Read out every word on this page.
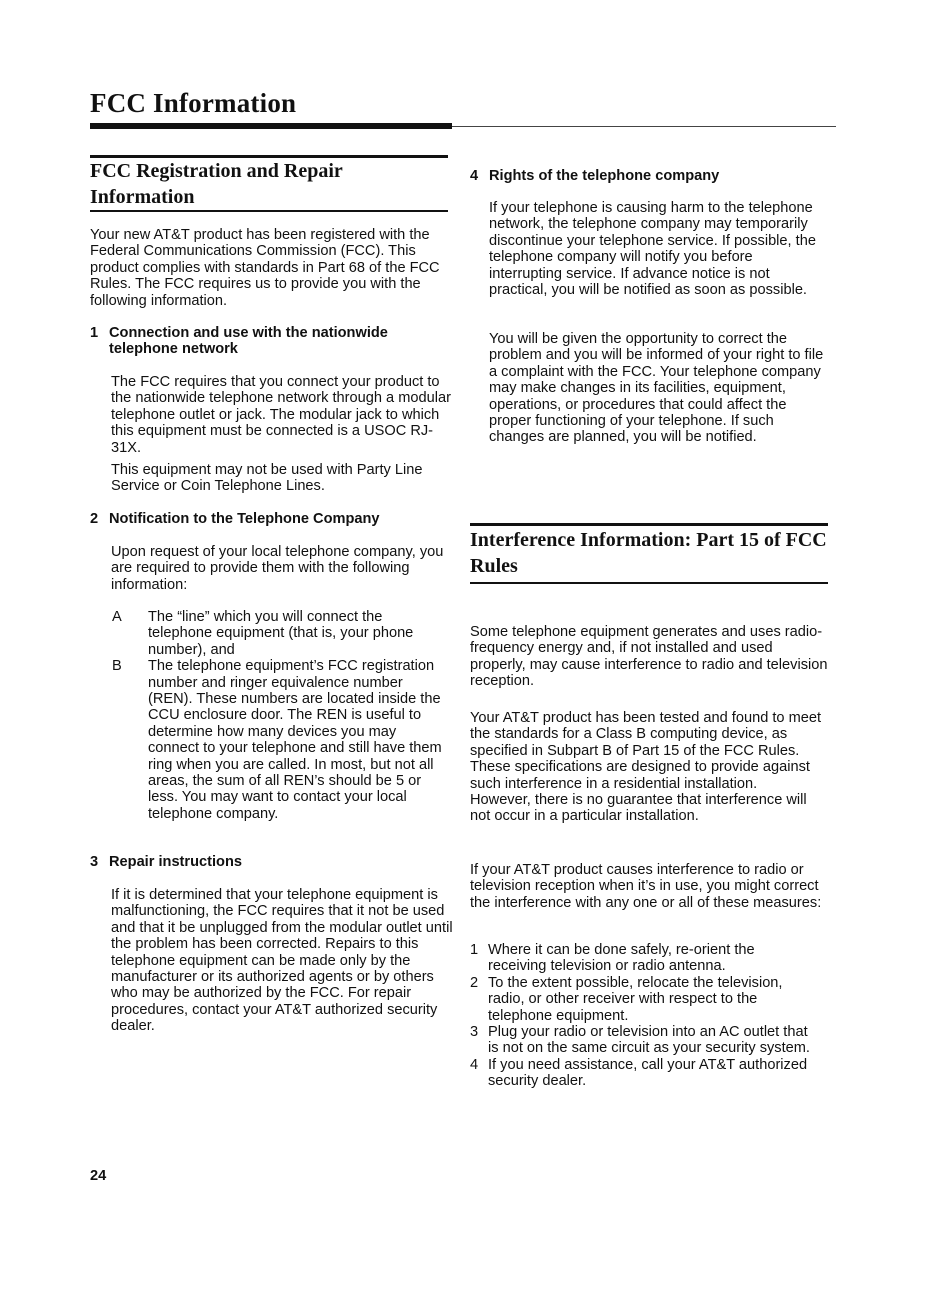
FCC Information
FCC Registration and Repair Information

Your new AT&T product has been registered with the Federal Communications Commission (FCC). This product complies with standards in Part 68 of the FCC Rules. The FCC requires us to provide you with the following information.

1 Connection and use with the nationwide telephone network

The FCC requires that you connect your product to the nationwide telephone network through a modular telephone outlet or jack. The modular jack to which this equipment must be connected is a USOC RJ-31X.

This equipment may not be used with Party Line Service or Coin Telephone Lines.

2 Notification to the Telephone Company

Upon request of your local telephone company, you are required to provide them with the following information:

A	The “line” which you will connect the telephone equipment (that is, your phone number), and
B	The telephone equipment’s FCC registration number and ringer equivalence number (REN). These numbers are located inside the CCU enclosure door. The REN is useful to determine how many devices you may connect to your telephone and still have them ring when you are called. In most, but not all areas, the sum of all REN’s should be 5 or less. You may want to contact your local telephone company.
3 Repair instructions

If it is determined that your telephone equipment is malfunctioning, the FCC requires that it not be used and that it be unplugged from the modular outlet until the problem has been corrected. Repairs to this telephone equipment can be made only by the manufacturer or its authorized agents or by others who may be authorized by the FCC. For repair procedures, contact your AT&T authorized security dealer.

4 Rights of the telephone company

If your telephone is causing harm to the telephone network, the telephone company may temporarily discontinue your telephone service. If possible, the telephone company will notify you before interrupting service. If advance notice is not practical, you will be notified as soon as possible.

You will be given the opportunity to correct the problem and you will be informed of your right to file a complaint with the FCC. Your telephone company may make changes in its facilities, equipment, operations, or procedures that could affect the proper functioning of your telephone. If such changes are planned, you will be notified.

Interference Information: Part 15 of FCC Rules

Some telephone equipment generates and uses radio-frequency energy and, if not installed and used properly, may cause interference to radio and television reception.

Your AT&T product has been tested and found to meet the standards for a Class B computing device, as specified in Subpart B of Part 15 of the FCC Rules. These specifications are designed to provide against such interference in a residential installation. However, there is no guarantee that interference will not occur in a particular installation.

If your AT&T product causes interference to radio or television reception when it’s in use, you might correct the interference with any one or all of these measures:

1 Where it can be done safely, re-orient the receiving television or radio antenna.
2 To the extent possible, relocate the television, radio, or other receiver with respect to the telephone equipment.
3 Plug your radio or television into an AC outlet that is not on the same circuit as your security system.
4 If you need assistance, call your AT&T authorized security dealer.
24
